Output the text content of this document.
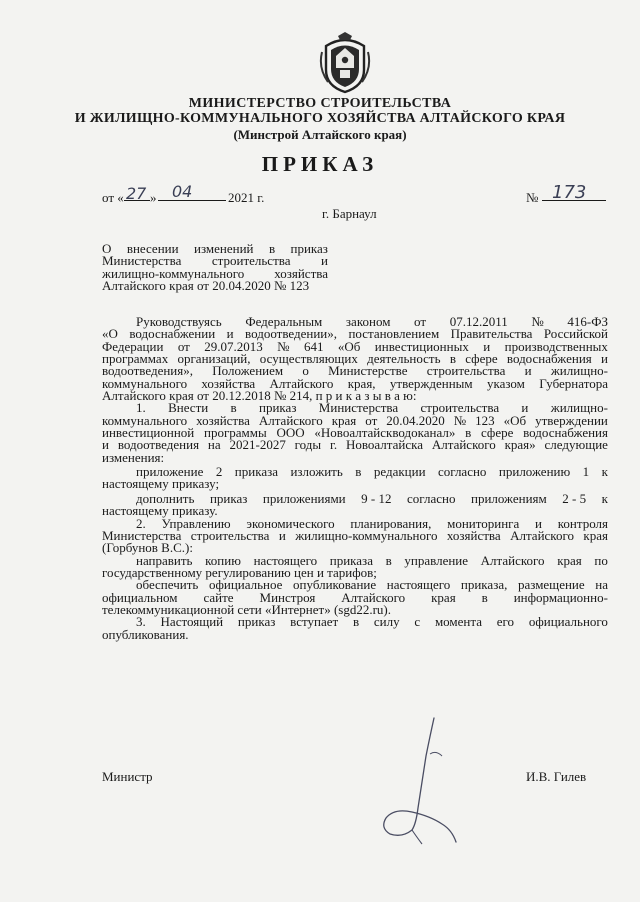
МИНИСТЕРСТВО СТРОИТЕЛЬСТВА
И ЖИЛИЩНО-КОММУНАЛЬНОГО ХОЗЯЙСТВА АЛТАЙСКОГО КРАЯ
(Минстрой Алтайского края)
ПРИКАЗ
от « 27 » 04	2021 г.	№ 173
г. Барнаул
О внесении изменений в приказ
Министерства строительства и
жилищно-коммунального хозяйства
Алтайского края от 20.04.2020 № 123
Руководствуясь Федеральным законом от 07.12.2011 № 416-ФЗ
«О водоснабжении и водоотведении», постановлением Правительства Российской
Федерации от 29.07.2013 № 641 «Об инвестиционных и производственных
программах организаций, осуществляющих деятельность в сфере водоснабжения и
водоотведения», Положением о Министерстве строительства и жилищно-
коммунального хозяйства Алтайского края, утвержденным указом Губернатора
Алтайского края от 20.12.2018 № 214, п р и к а з ы в а ю:
1. Внести в приказ Министерства строительства и жилищно-
коммунального хозяйства Алтайского края от 20.04.2020 № 123 «Об утверждении
инвестиционной программы ООО «Новоалтайскводоканал» в сфере водоснабжения
и водоотведения на 2021-2027 годы г. Новоалтайска Алтайского края» следующие
изменения:
приложение 2 приказа изложить в редакции согласно приложению 1 к
настоящему приказу;
дополнить приказ приложениями 9 - 12 согласно приложениям 2 - 5 к
настоящему приказу.
2. Управлению экономического планирования, мониторинга и контроля
Министерства строительства и жилищно-коммунального хозяйства Алтайского края
(Горбунов В.С.):
направить копию настоящего приказа в управление Алтайского края по
государственному регулированию цен и тарифов;
обеспечить официальное опубликование настоящего приказа, размещение на
официальном сайте Минстроя Алтайского края в информационно-
телекоммуникационной сети «Интернет» (sgd22.ru).
3. Настоящий приказ вступает в силу с момента его официального
опубликования.
Министр	И.В. Гилев
